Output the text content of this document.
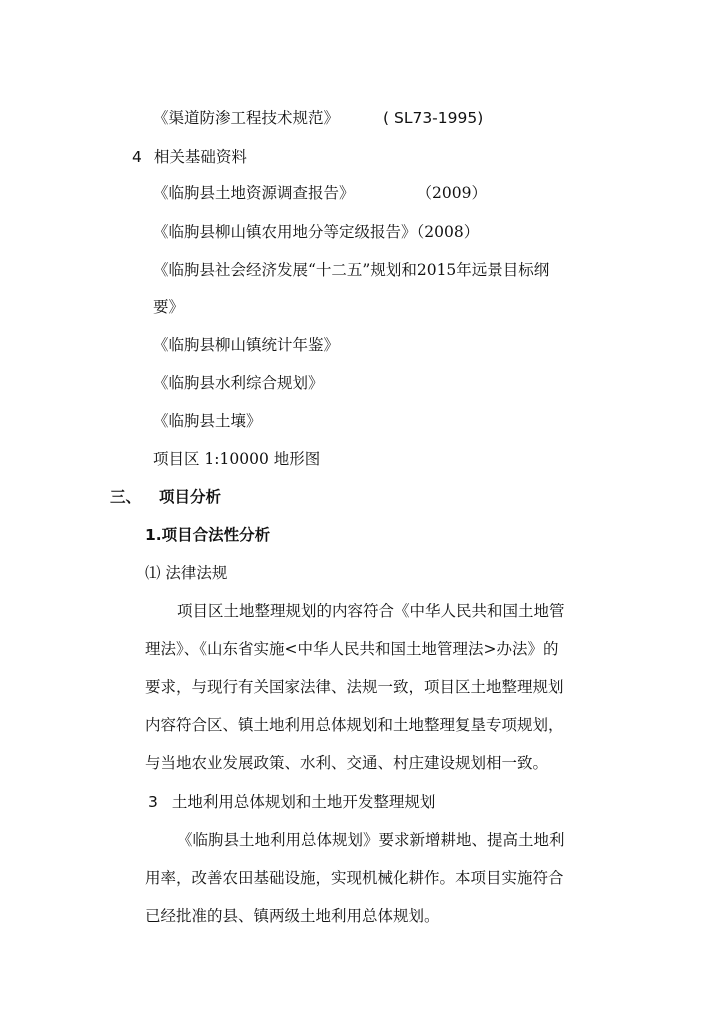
《渠道防渗工程技术规范》	( SL73-1995)
4 相关基础资料
《临朐县土地资源调查报告》	（2009）
《临朐县柳山镇农用地分等定级报告》（2008）
《临朐县社会经济发展“十二五”规划和2015年远景目标纲
要》
《临朐县柳山镇统计年鉴》
《临朐县水利综合规划》
《临朐县土壤》
项目区 1:10000 地形图
三、 项目分析
1.项目合法性分析
⑴ 法律法规
项目区土地整理规划的内容符合《中华人民共和国土地管
理法》、《山东省实施<中华人民共和国土地管理法>办法》的
要求，与现行有关国家法律、法规一致，项目区土地整理规划
内容符合区、镇土地利用总体规划和土地整理复垦专项规划，
与当地农业发展政策、水利、交通、村庄建设规划相一致。
3 土地利用总体规划和土地开发整理规划
《临朐县土地利用总体规划》要求新增耕地、提高土地利
用率，改善农田基础设施，实现机械化耕作。本项目实施符合
已经批准的县、镇两级土地利用总体规划。
